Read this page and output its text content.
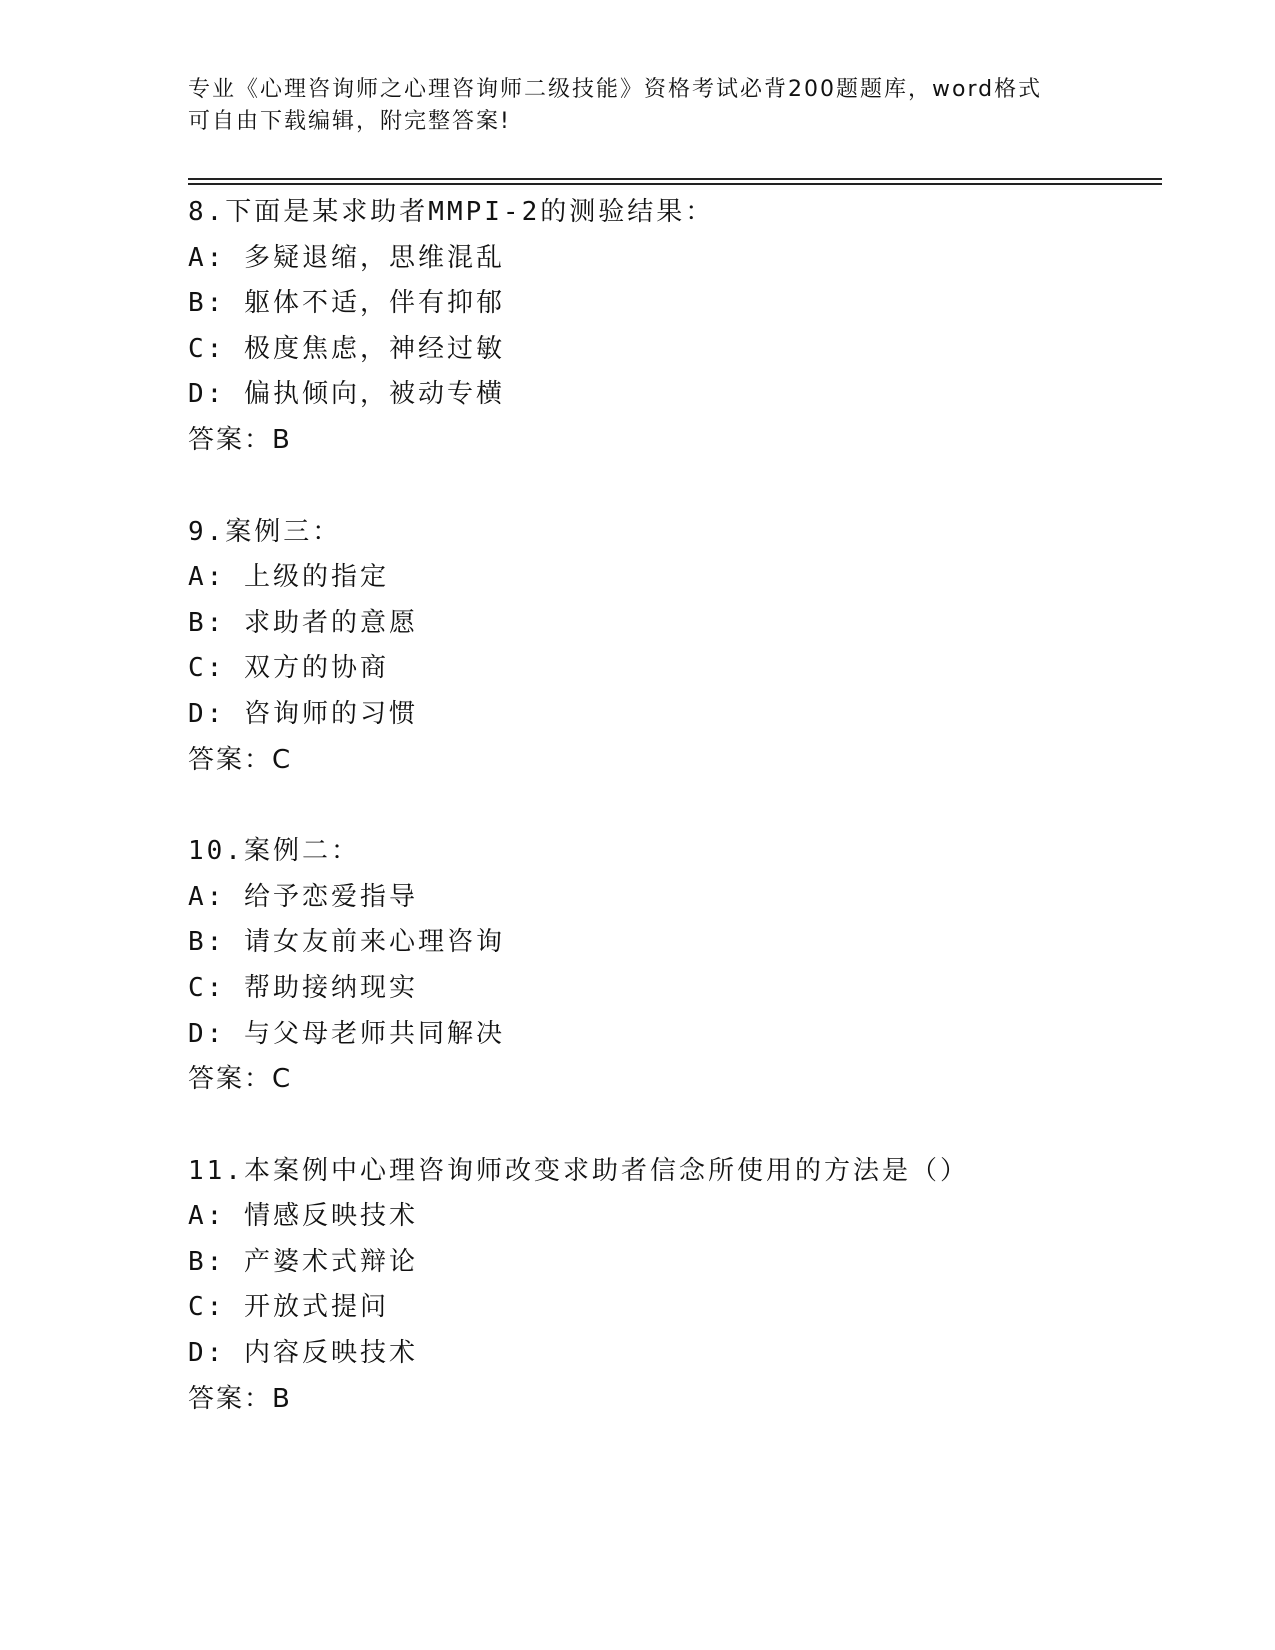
专业《心理咨询师之心理咨询师二级技能》资格考试必背200题题库，word格式
可自由下载编辑，附完整答案!
8.下面是某求助者MMPI-2的测验结果：
A: 多疑退缩，思维混乱
B: 躯体不适，伴有抑郁
C: 极度焦虑，神经过敏
D: 偏执倾向，被动专横
答案：B
9.案例三：
A: 上级的指定
B: 求助者的意愿
C: 双方的协商
D: 咨询师的习惯
答案：C
10.案例二：
A: 给予恋爱指导
B: 请女友前来心理咨询
C: 帮助接纳现实
D: 与父母老师共同解决
答案：C
11.本案例中心理咨询师改变求助者信念所使用的方法是（）
A: 情感反映技术
B: 产婆术式辩论
C: 开放式提问
D: 内容反映技术
答案：B
